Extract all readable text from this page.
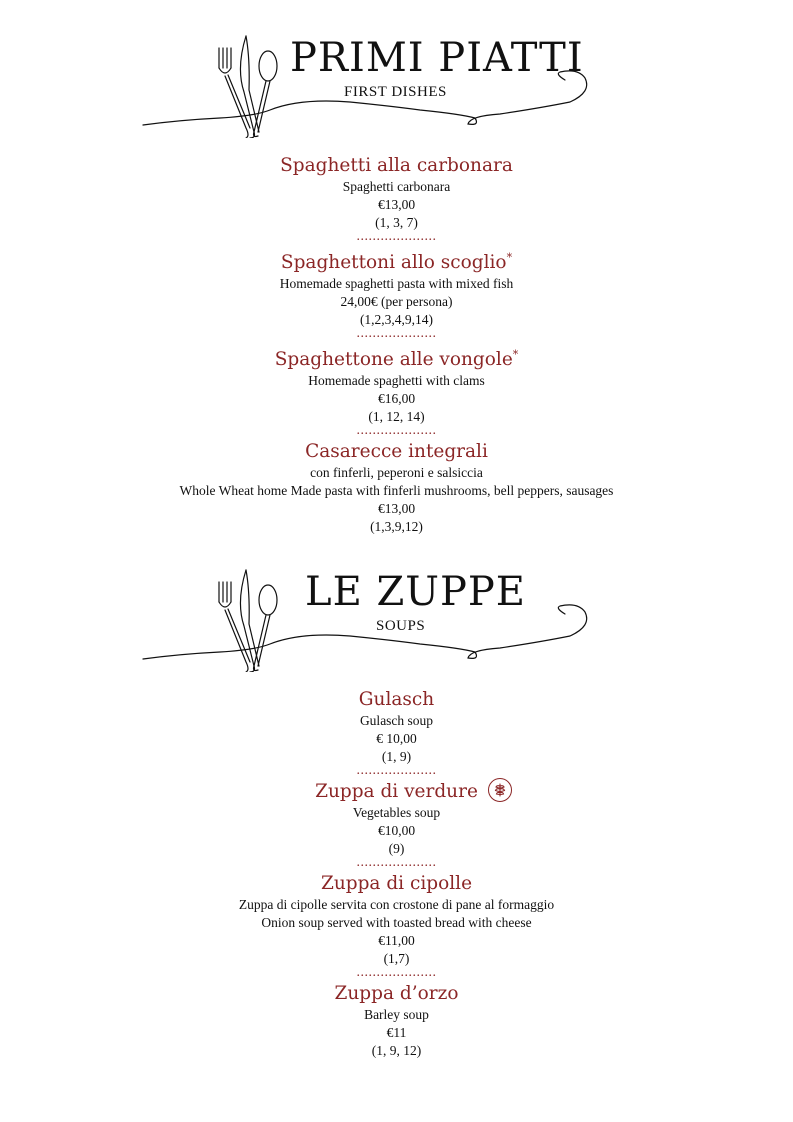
PRIMI PIATTI
FIRST DISHES
Spaghetti alla carbonara
Spaghetti carbonara
€13,00
(1, 3, 7)
....................
Spaghettoni allo scoglio*
Homemade spaghetti pasta with mixed fish
24,00€ (per persona)
(1,2,3,4,9,14)
....................
Spaghettone alle vongole*
Homemade spaghetti with clams
€16,00
(1, 12, 14)
....................
Casarecce integrali
con finferli, peperoni e salsiccia
Whole Wheat home Made pasta with finferli mushrooms, bell peppers, sausages
€13,00
(1,3,9,12)
LE ZUPPE
SOUPS
Gulasch
Gulasch soup
€ 10,00
(1, 9)
....................
Zuppa di verdure
Vegetables soup
€10,00
(9)
....................
Zuppa di cipolle
Zuppa di cipolle servita con crostone di pane al formaggio
Onion soup served with toasted bread with cheese
€11,00
(1,7)
....................
Zuppa d’orzo
Barley soup
€11
(1, 9, 12)
